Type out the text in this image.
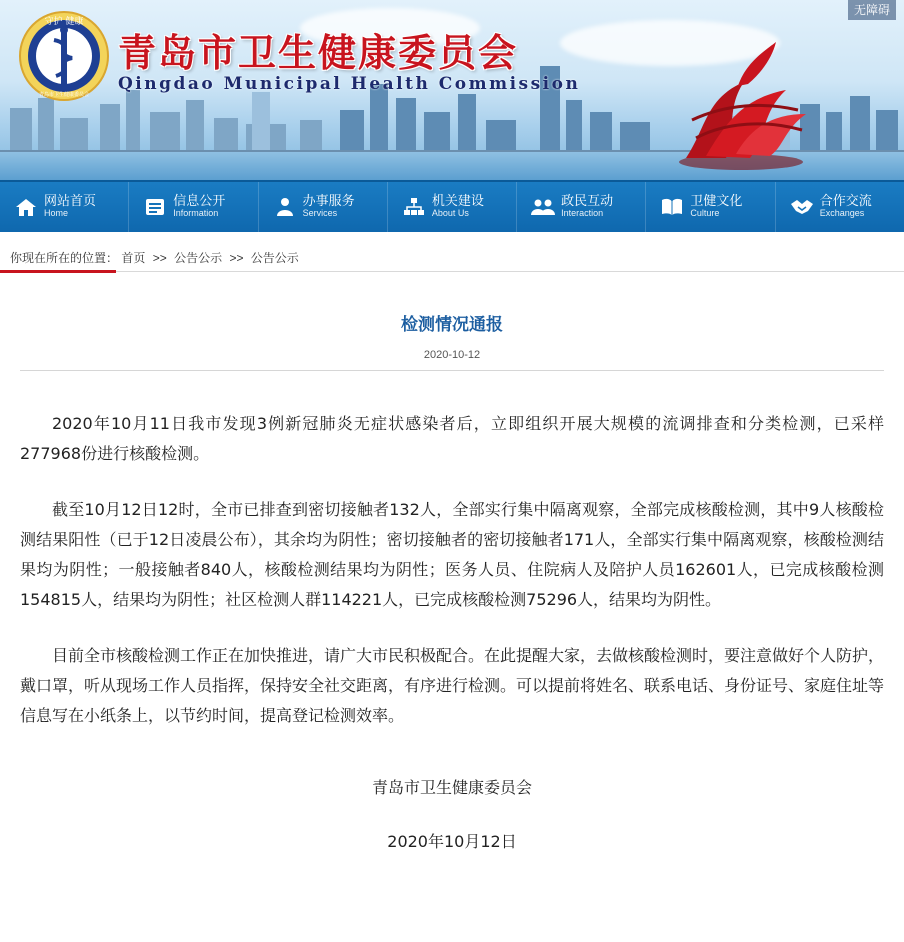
守护 健康
青岛市卫生健康委员会
青岛市卫生健康委员会
Qingdao Municipal Health Commission
无障碍
网站首页
Home
信息公开
Information
办事服务
Services
机关建设
About Us
政民互动
Interaction
卫健文化
Culture
合作交流
Exchanges
你现在所在的位置： 首页 >> 公告公示 >> 公告公示
检测情况通报
2020-10-12

2020年10月11日我市发现3例新冠肺炎无症状感染者后，立即组织开展大规模的流调排查和分类检测，已采样277968份进行核酸检测。

截至10月12日12时，全市已排查到密切接触者132人，全部实行集中隔离观察，全部完成核酸检测，其中9人核酸检测结果阳性（已于12日凌晨公布），其余均为阴性；密切接触者的密切接触者171人，全部实行集中隔离观察，核酸检测结果均为阴性；一般接触者840人，核酸检测结果均为阴性；医务人员、住院病人及陪护人员162601人，已完成核酸检测154815人，结果均为阴性；社区检测人群114221人，已完成核酸检测75296人，结果均为阴性。

目前全市核酸检测工作正在加快推进，请广大市民积极配合。在此提醒大家，去做核酸检测时，要注意做好个人防护，戴口罩，听从现场工作人员指挥，保持安全社交距离，有序进行检测。可以提前将姓名、联系电话、身份证号、家庭住址等信息写在小纸条上，以节约时间，提高登记检测效率。

青岛市卫生健康委员会
2020年10月12日
